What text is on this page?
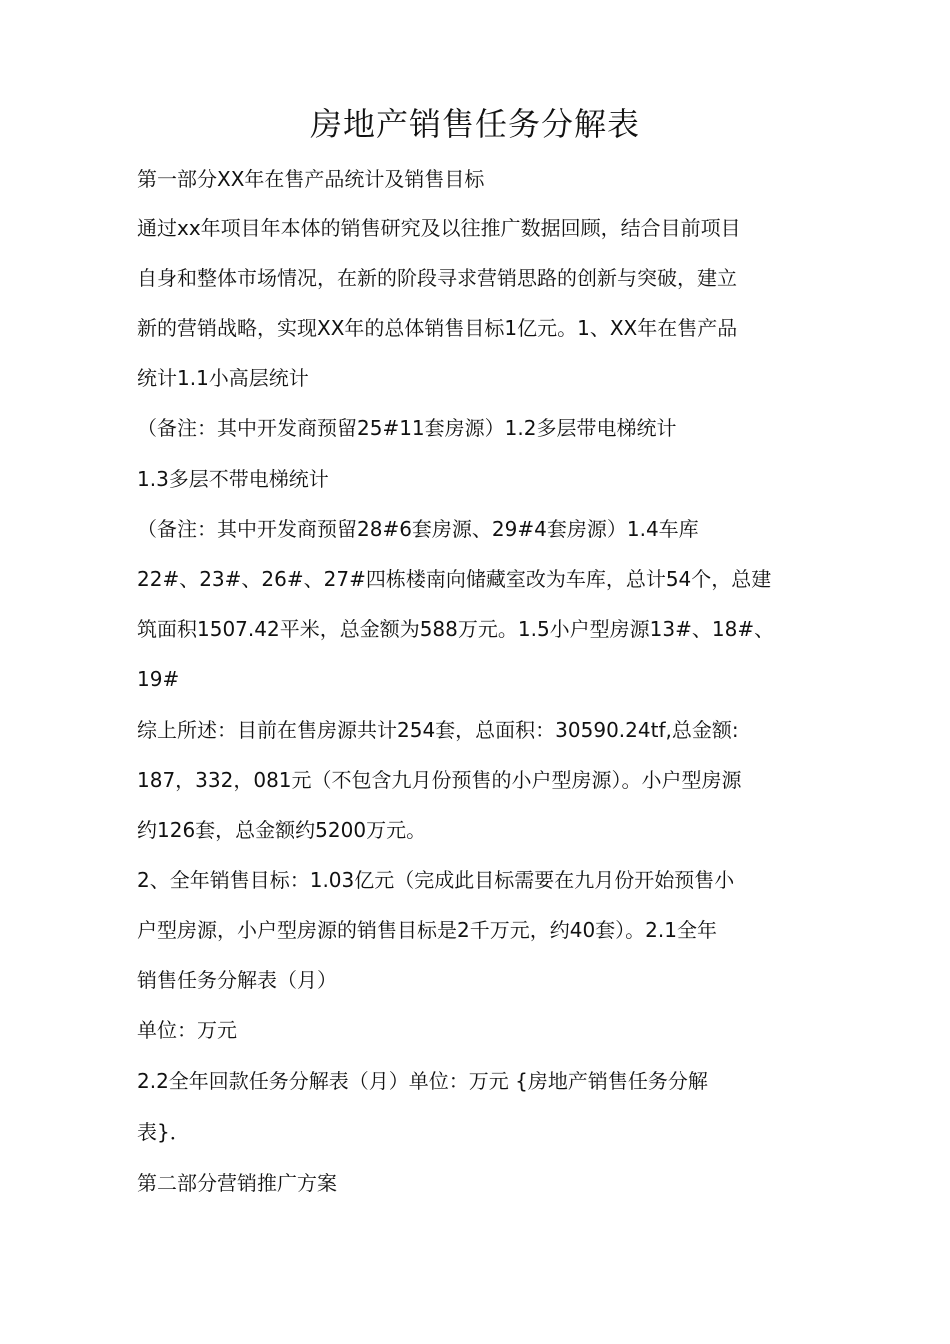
房地产销售任务分解表
第一部分XX年在售产品统计及销售目标
通过xx年项目年本体的销售研究及以往推广数据回顾，结合目前项目
自身和整体市场情况，在新的阶段寻求营销思路的创新与突破，建立
新的营销战略，实现XX年的总体销售目标1亿元。1、XX年在售产品
统计1.1小高层统计
（备注：其中开发商预留25#11套房源）1.2多层带电梯统计
1.3多层不带电梯统计
（备注：其中开发商预留28#6套房源、29#4套房源）1.4车库
22#、23#、26#、27#四栋楼南向储藏室改为车库，总计54个，总建
筑面积1507.42平米，总金额为588万元。1.5小户型房源13#、18#、
19#
综上所述：目前在售房源共计254套，总面积：30590.24tf,总金额:
187，332，081元（不包含九月份预售的小户型房源）。小户型房源
约126套，总金额约5200万元。
2、全年销售目标：1.03亿元（完成此目标需要在九月份开始预售小
户型房源，小户型房源的销售目标是2千万元，约40套）。2.1全年
销售任务分解表（月）
单位：万元
2.2全年回款任务分解表（月）单位：万元 {房地产销售任务分解
表}．
第二部分营销推广方案
